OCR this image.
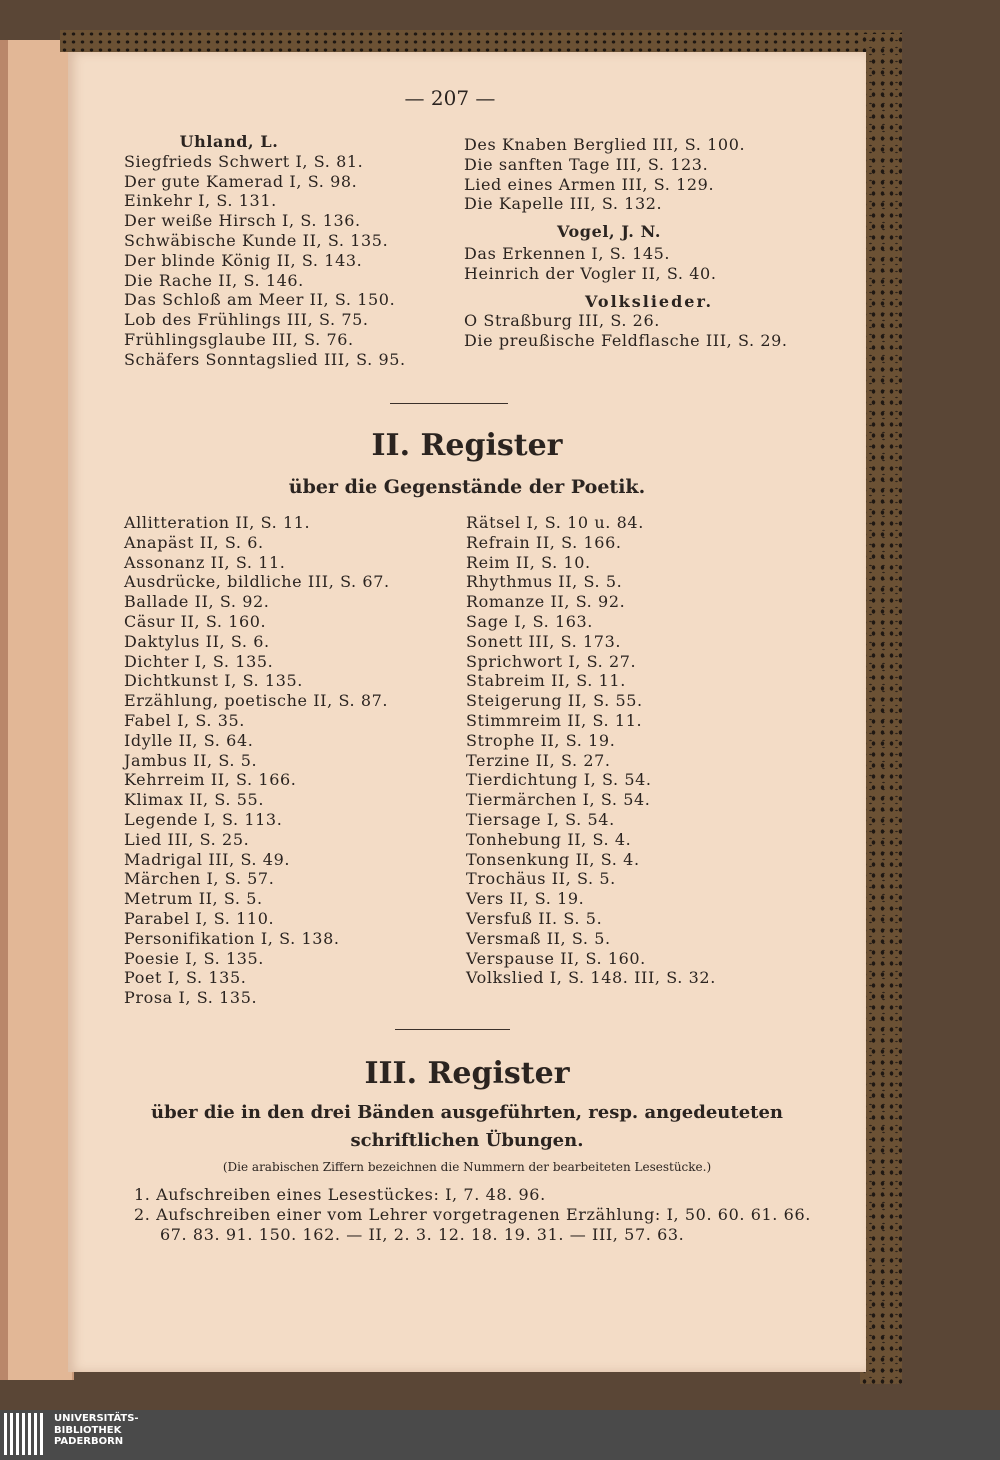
— 207 —
Uhland, L.
Siegfrieds Schwert I, S. 81.
Der gute Kamerad I, S. 98.
Einkehr I, S. 131.
Der weiße Hirsch I, S. 136.
Schwäbische Kunde II, S. 135.
Der blinde König II, S. 143.
Die Rache II, S. 146.
Das Schloß am Meer II, S. 150.
Lob des Frühlings III, S. 75.
Frühlingsglaube III, S. 76.
Schäfers Sonntagslied III, S. 95.
Des Knaben Berglied III, S. 100.
Die sanften Tage III, S. 123.
Lied eines Armen III, S. 129.
Die Kapelle III, S. 132.
Vogel, J. N.
Das Erkennen I, S. 145.
Heinrich der Vogler II, S. 40.
Volkslieder.
O Straßburg III, S. 26.
Die preußische Feldflasche III, S. 29.
II. Register
über die Gegenstände der Poetik.
Allitteration II, S. 11.
Anapäst II, S. 6.
Assonanz II, S. 11.
Ausdrücke, bildliche III, S. 67.
Ballade II, S. 92.
Cäsur II, S. 160.
Daktylus II, S. 6.
Dichter I, S. 135.
Dichtkunst I, S. 135.
Erzählung, poetische II, S. 87.
Fabel I, S. 35.
Idylle II, S. 64.
Jambus II, S. 5.
Kehrreim II, S. 166.
Klimax II, S. 55.
Legende I, S. 113.
Lied III, S. 25.
Madrigal III, S. 49.
Märchen I, S. 57.
Metrum II, S. 5.
Parabel I, S. 110.
Personifikation I, S. 138.
Poesie I, S. 135.
Poet I, S. 135.
Prosa I, S. 135.
Rätsel I, S. 10 u. 84.
Refrain II, S. 166.
Reim II, S. 10.
Rhythmus II, S. 5.
Romanze II, S. 92.
Sage I, S. 163.
Sonett III, S. 173.
Sprichwort I, S. 27.
Stabreim II, S. 11.
Steigerung II, S. 55.
Stimmreim II, S. 11.
Strophe II, S. 19.
Terzine II, S. 27.
Tierdichtung I, S. 54.
Tiermärchen I, S. 54.
Tiersage I, S. 54.
Tonhebung II, S. 4.
Tonsenkung II, S. 4.
Trochäus II, S. 5.
Vers II, S. 19.
Versfuß II. S. 5.
Versmaß II, S. 5.
Verspause II, S. 160.
Volkslied I, S. 148. III, S. 32.
III. Register
über die in den drei Bänden ausgeführten, resp. angedeuteten
schriftlichen Übungen.
(Die arabischen Ziffern bezeichnen die Nummern der bearbeiteten Lesestücke.)
1. Aufschreiben eines Lesestückes: I, 7. 48. 96.
2. Aufschreiben einer vom Lehrer vorgetragenen Erzählung: I, 50. 60. 61. 66.
67. 83. 91. 150. 162. — II, 2. 3. 12. 18. 19. 31. — III, 57. 63.
UNIVERSITÄTS-
BIBLIOTHEK
PADERBORN
